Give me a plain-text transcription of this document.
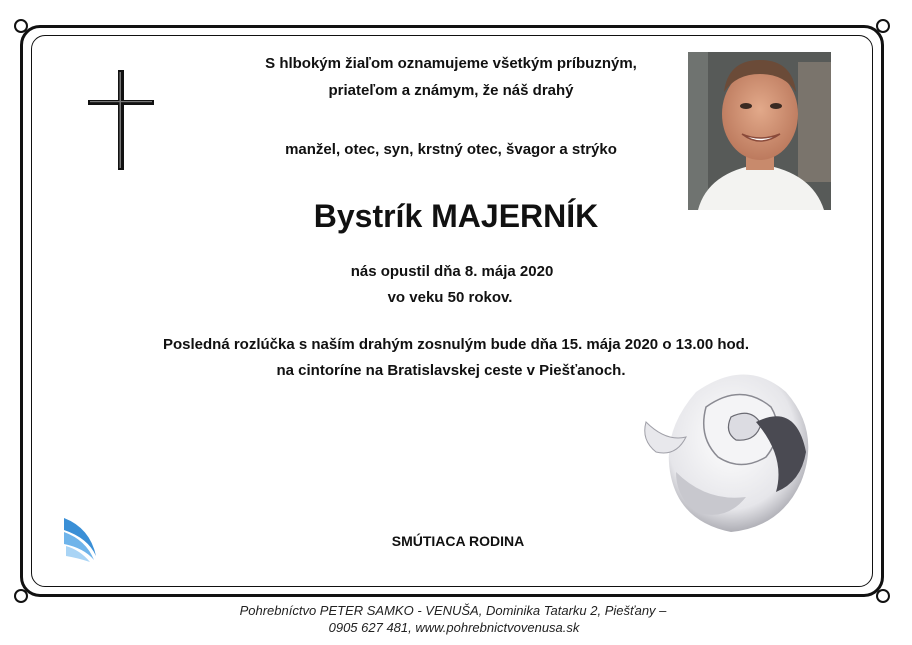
S hlbokým žiaľom oznamujeme všetkým príbuzným,
priateľom a známym, že náš drahý
manžel, otec, syn, krstný otec, švagor a strýko
Bystrík MAJERNÍK
nás opustil dňa 8. mája 2020
vo veku 50 rokov.
Posledná rozlúčka s naším drahým zosnulým bude dňa 15. mája 2020 o 13.00 hod.
na cintoríne na Bratislavskej ceste v Piešťanoch.
SMÚTIACA RODINA
Pohrebníctvo PETER SAMKO - VENUŠA, Dominika Tatarku 2, Piešťany –
0905 627 481, www.pohrebnictvovenusa.sk
